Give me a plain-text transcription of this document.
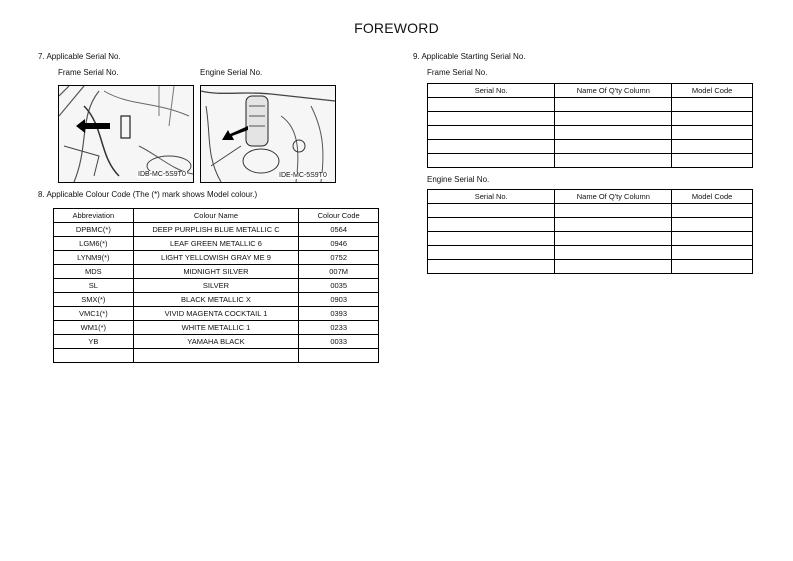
FOREWORD
7. Applicable Serial No.
Frame Serial No.	Engine Serial No.
IDB-MC-5S9T0	IDE-MC-5S9T0
8. Applicable Colour Code (The (*) mark shows Model colour.)
Abbreviation	Colour Name	Colour Code
DPBMC(*)	DEEP PURPLISH BLUE METALLIC C	0564
LGM6(*)	LEAF GREEN METALLIC 6	0946
LYNM9(*)	LIGHT YELLOWISH GRAY ME 9	0752
MDS	MIDNIGHT SILVER	007M
SL	SILVER	0035
SMX(*)	BLACK METALLIC X	0903
VMC1(*)	VIVID MAGENTA COCKTAIL 1	0393
WM1(*)	WHITE METALLIC 1	0233
YB	YAMAHA BLACK	0033

9. Applicable Starting Serial No.
Frame Serial No.
Serial No.	Name Of Q'ty Column	Model Code

Engine Serial No.
Serial No.	Name Of Q'ty Column	Model Code
